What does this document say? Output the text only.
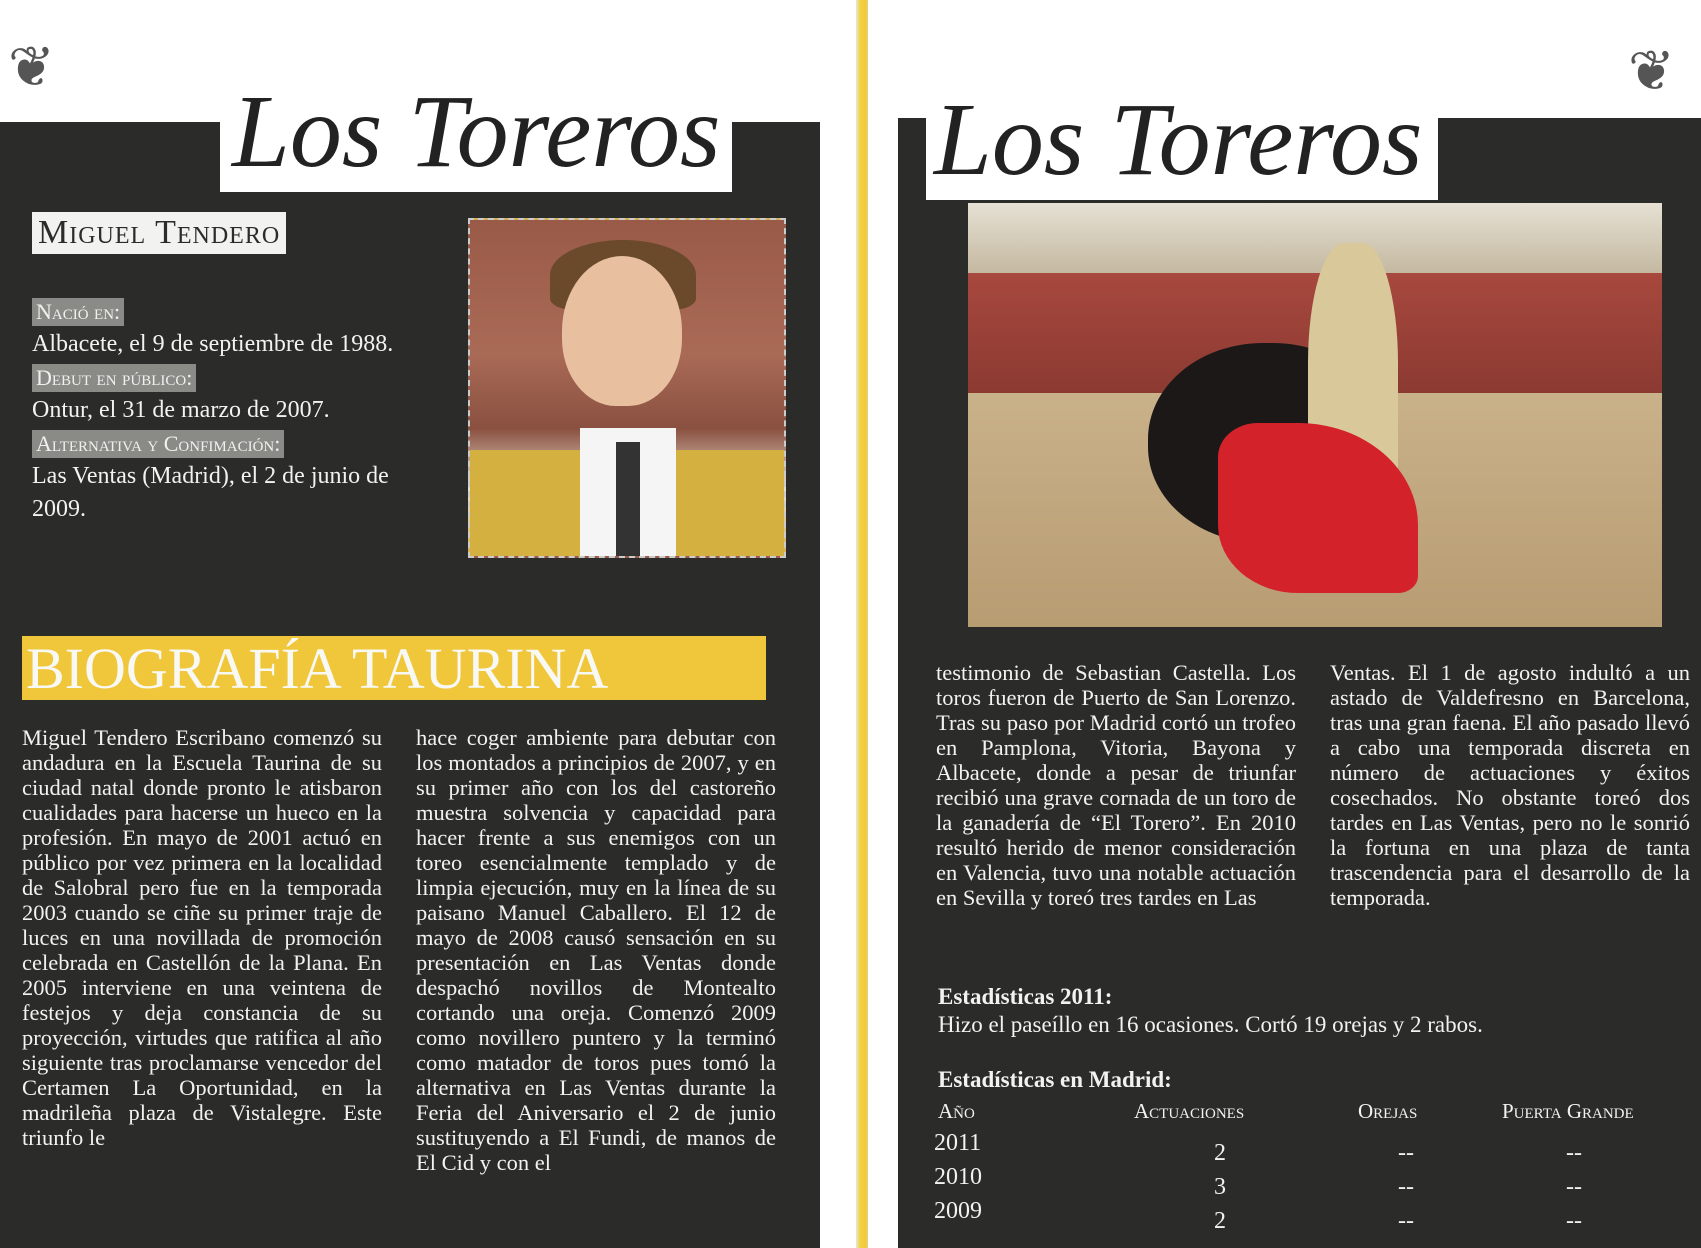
❦
Los Toreros
Miguel Tendero
Nació en:
Albacete, el 9 de septiembre de 1988.
Debut en público:
Ontur, el 31 de marzo de 2007.
Alternativa y Confimación:
Las Ventas (Madrid), el 2 de junio de 2009.
BIOGRAFÍA TAURINA

Miguel Tendero Escribano comenzó su andadura en la Escuela Taurina de su ciudad natal donde pronto le atisbaron cualidades para hacerse un hueco en la profesión. En mayo de 2001 actuó en público por vez primera en la localidad de Salobral pero fue en la temporada 2003 cuando se ciñe su primer traje de luces en una novillada de promoción celebrada en Castellón de la Plana. En 2005 interviene en una veintena de festejos y deja constancia de su proyección, virtudes que ratifica al año siguiente tras proclamarse vencedor del Certamen La Oportunidad, en la madrileña plaza de Vistalegre. Este triunfo le

hace coger ambiente para debutar con los montados a principios de 2007, y en su primer año con los del castoreño muestra solvencia y capacidad para hacer frente a sus enemigos con un toreo esencialmente templado y de limpia ejecución, muy en la línea de su paisano Manuel Caballero. El 12 de mayo de 2008 causó sensación en su presentación en Las Ventas donde despachó novillos de Montealto cortando una oreja. Comenzó 2009 como novillero puntero y la terminó como matador de toros pues tomó la alternativa en Las Ventas durante la Feria del Aniversario el 2 de junio sustituyendo a El Fundi, de manos de El Cid y con el

❦
Los Toreros

testimonio de Sebastian Castella. Los toros fueron de Puerto de San Lorenzo. Tras su paso por Madrid cortó un trofeo en Pamplona, Vitoria, Bayona y Albacete, donde a pesar de triunfar recibió una grave cornada de un toro de la ganadería de “El Torero”. En 2010 resultó herido de menor consideración en Valencia, tuvo una notable actuación en Sevilla y toreó tres tardes en Las

Ventas. El 1 de agosto indultó a un astado de Valdefresno en Barcelona, tras una gran faena. El año pasado llevó a cabo una temporada discreta en número de actuaciones y éxitos cosechados. No obstante toreó dos tardes en Las Ventas, pero no le sonrió la fortuna en una plaza de tanta trascendencia para el desarrollo de la temporada.

Estadísticas 2011:
Hizo el paseíllo en 16 ocasiones. Cortó 19 orejas y 2 rabos.
Estadísticas en Madrid:
Año	Actuaciones	Orejas	Puerta Grande
2011	2	--	--
2010	3	--	--
2009	2	--	--
